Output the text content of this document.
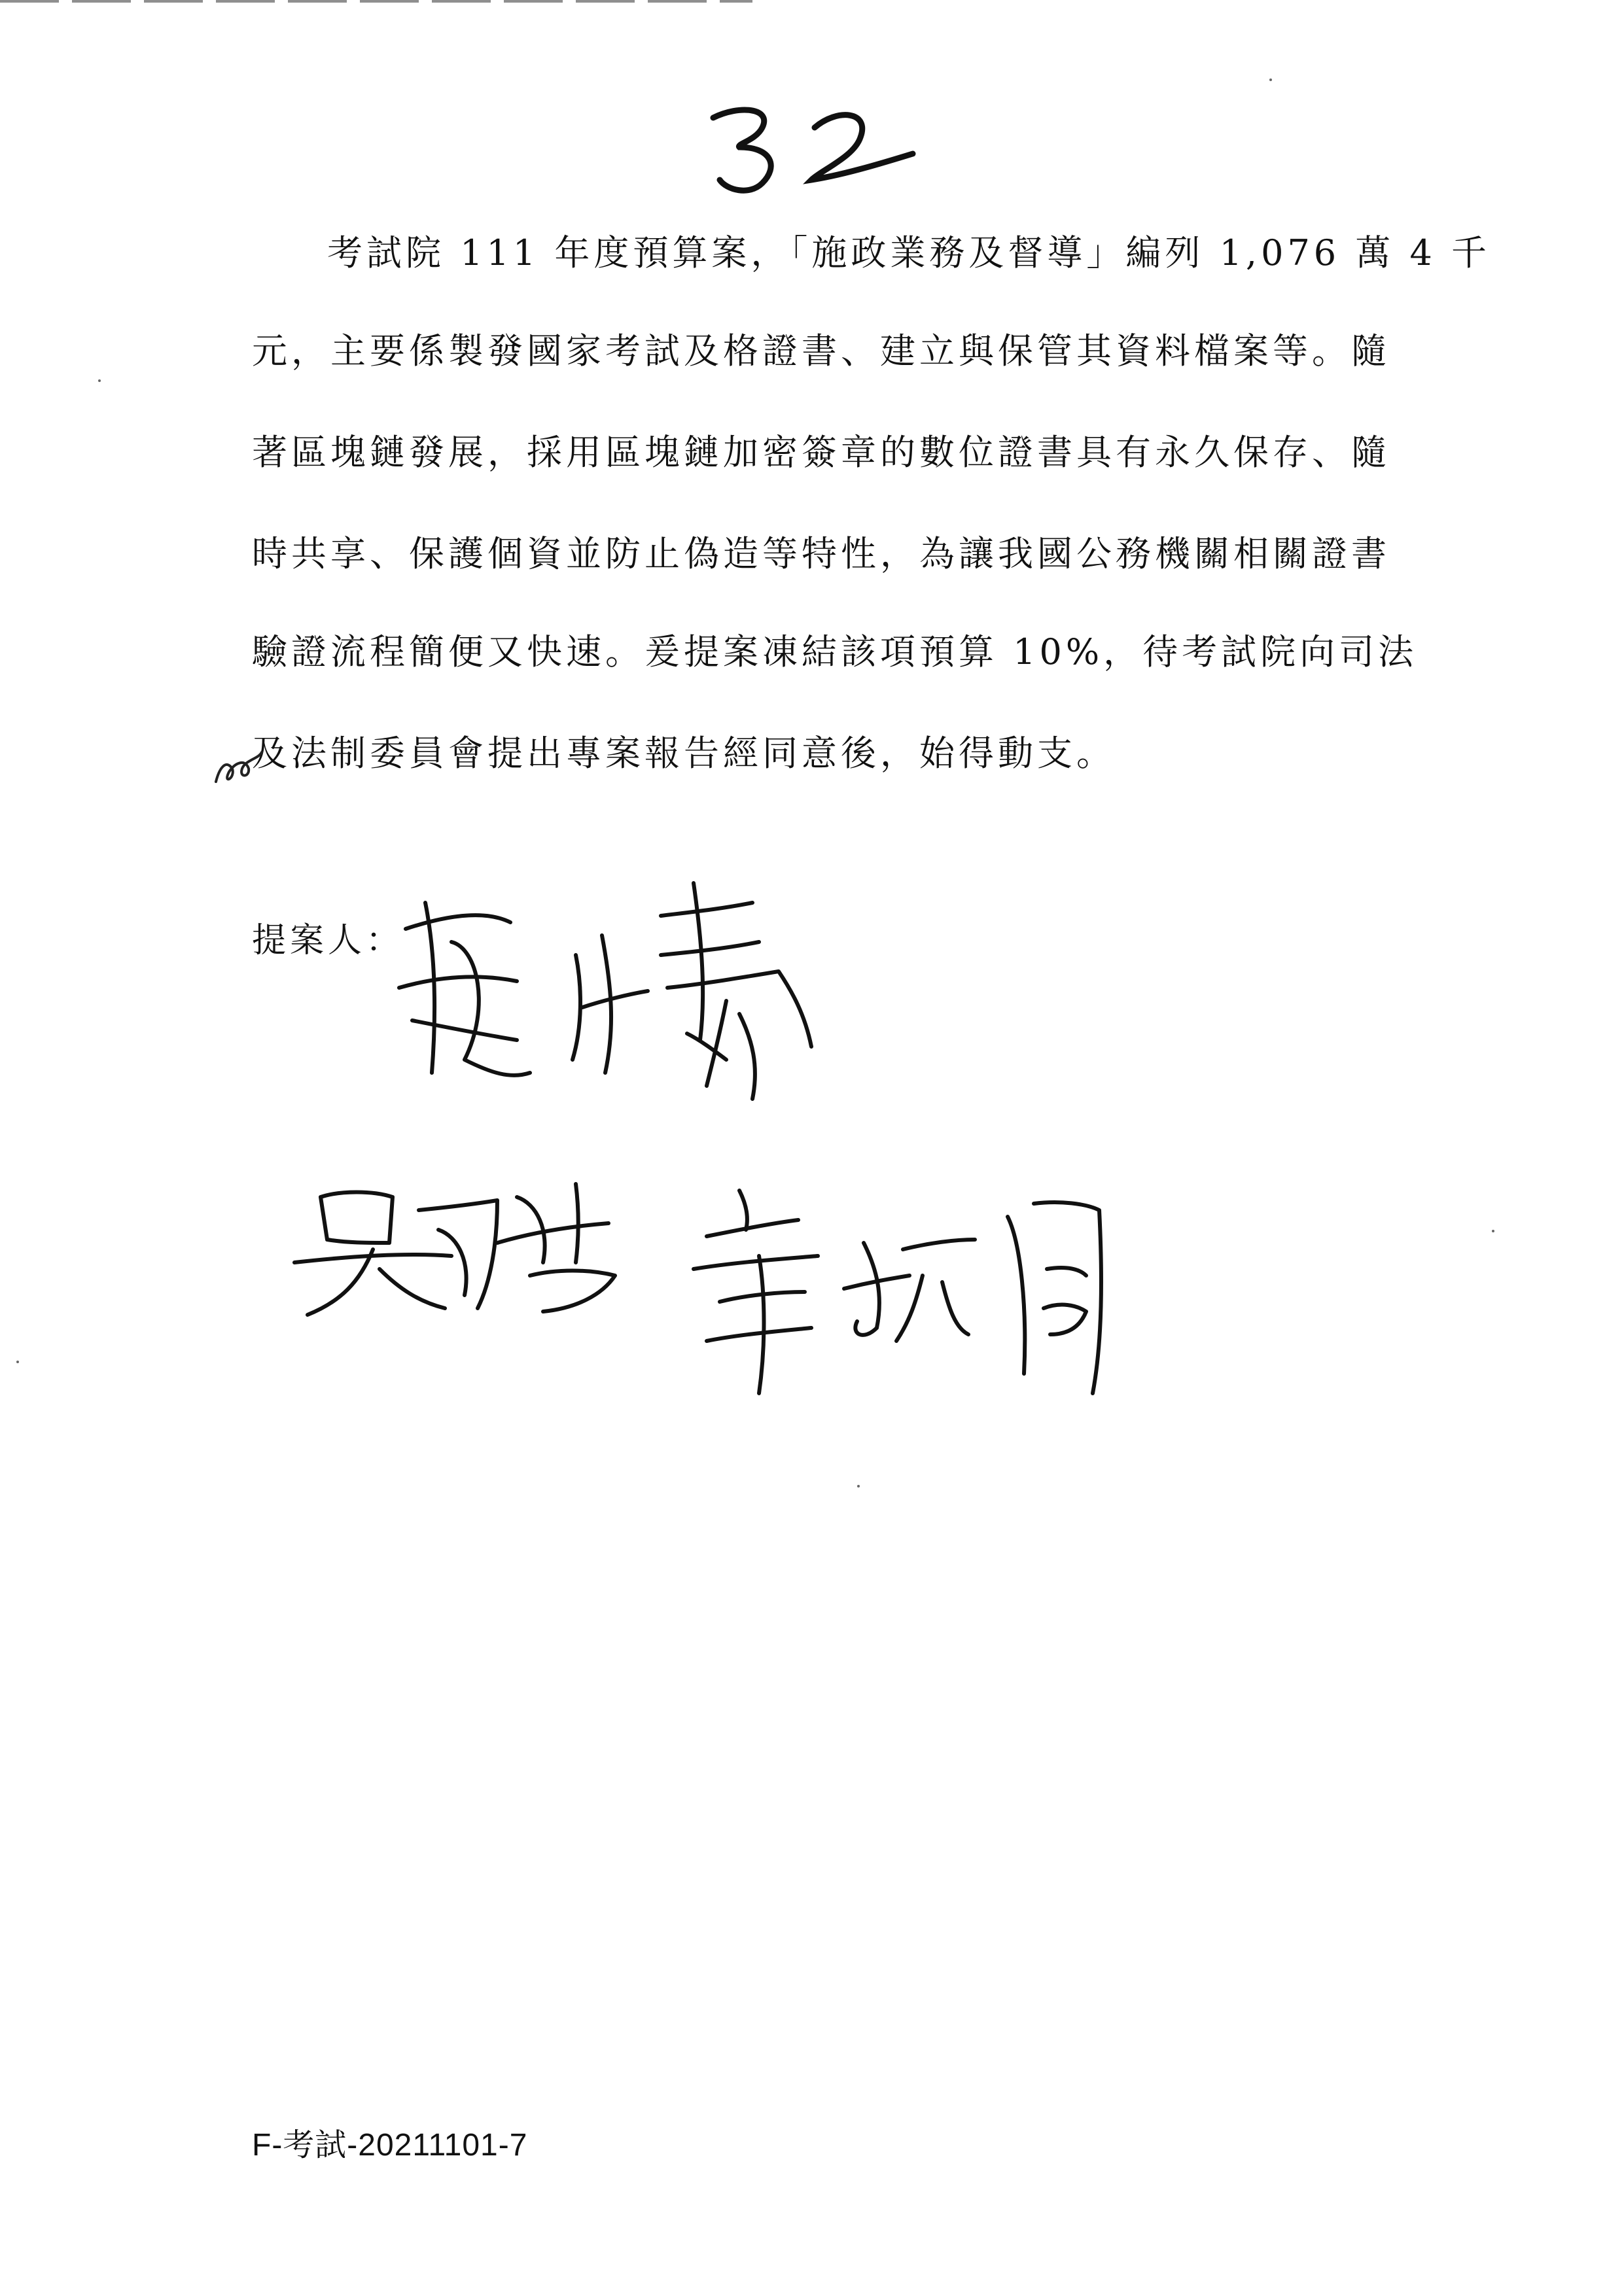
考試院 111 年度預算案，「施政業務及督導」編列 1,076 萬 4 千
元，主要係製發國家考試及格證書、建立與保管其資料檔案等。隨
著區塊鏈發展，採用區塊鏈加密簽章的數位證書具有永久保存、隨
時共享、保護個資並防止偽造等特性，為讓我國公務機關相關證書
驗證流程簡便又快速。爰提案凍結該項預算 10%，待考試院向司法
及法制委員會提出專案報告經同意後，始得動支。
提案人：
F-考試-20211101-7
